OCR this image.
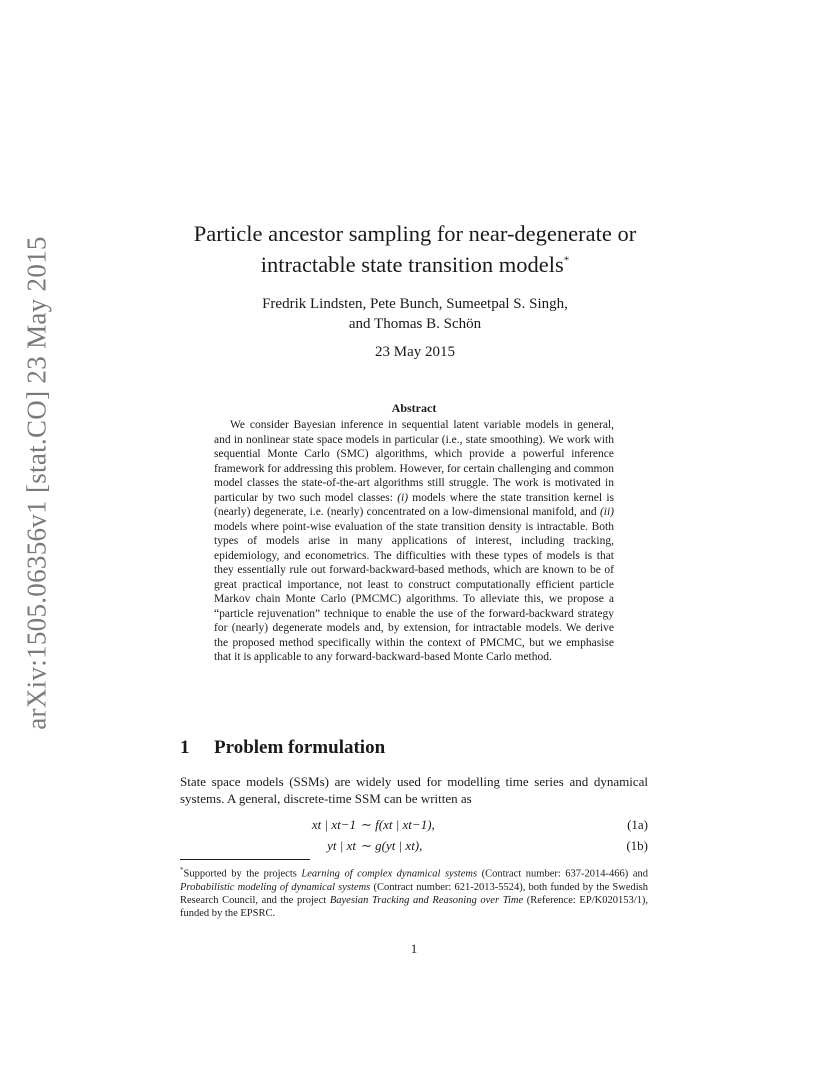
arXiv:1505.06356v1 [stat.CO] 23 May 2015
Particle ancestor sampling for near-degenerate or
intractable state transition models*
Fredrik Lindsten, Pete Bunch, Sumeetpal S. Singh,
and Thomas B. Schön
23 May 2015
Abstract

We consider Bayesian inference in sequential latent variable models in general, and in nonlinear state space models in particular (i.e., state smoothing). We work with sequential Monte Carlo (SMC) algorithms, which provide a powerful inference framework for addressing this problem. However, for certain challenging and common model classes the state-of-the-art algorithms still struggle. The work is motivated in particular by two such model classes: (i) models where the state transition kernel is (nearly) degenerate, i.e. (nearly) concentrated on a low-dimensional manifold, and (ii) models where point-wise evaluation of the state transition density is intractable. Both types of models arise in many applications of interest, including tracking, epidemiology, and econometrics. The difficulties with these types of models is that they essentially rule out forward-backward-based methods, which are known to be of great practical importance, not least to construct computationally efficient particle Markov chain Monte Carlo (PMCMC) algorithms. To alleviate this, we propose a “particle rejuvenation” technique to enable the use of the forward-backward strategy for (nearly) degenerate models and, by extension, for intractable models. We derive the proposed method specifically within the context of PMCMC, but we emphasise that it is applicable to any forward-backward-based Monte Carlo method.

1 Problem formulation

State space models (SSMs) are widely used for modelling time series and dynamical systems. A general, discrete-time SSM can be written as

xt | xt−1 ∼ f(xt | xt−1),	(1a)
yt | xt ∼ g(yt | xt),	(1b)

*Supported by the projects Learning of complex dynamical systems (Contract number: 637-2014-466) and Probabilistic modeling of dynamical systems (Contract number: 621-2013-5524), both funded by the Swedish Research Council, and the project Bayesian Tracking and Reasoning over Time (Reference: EP/K020153/1), funded by the EPSRC.

1
